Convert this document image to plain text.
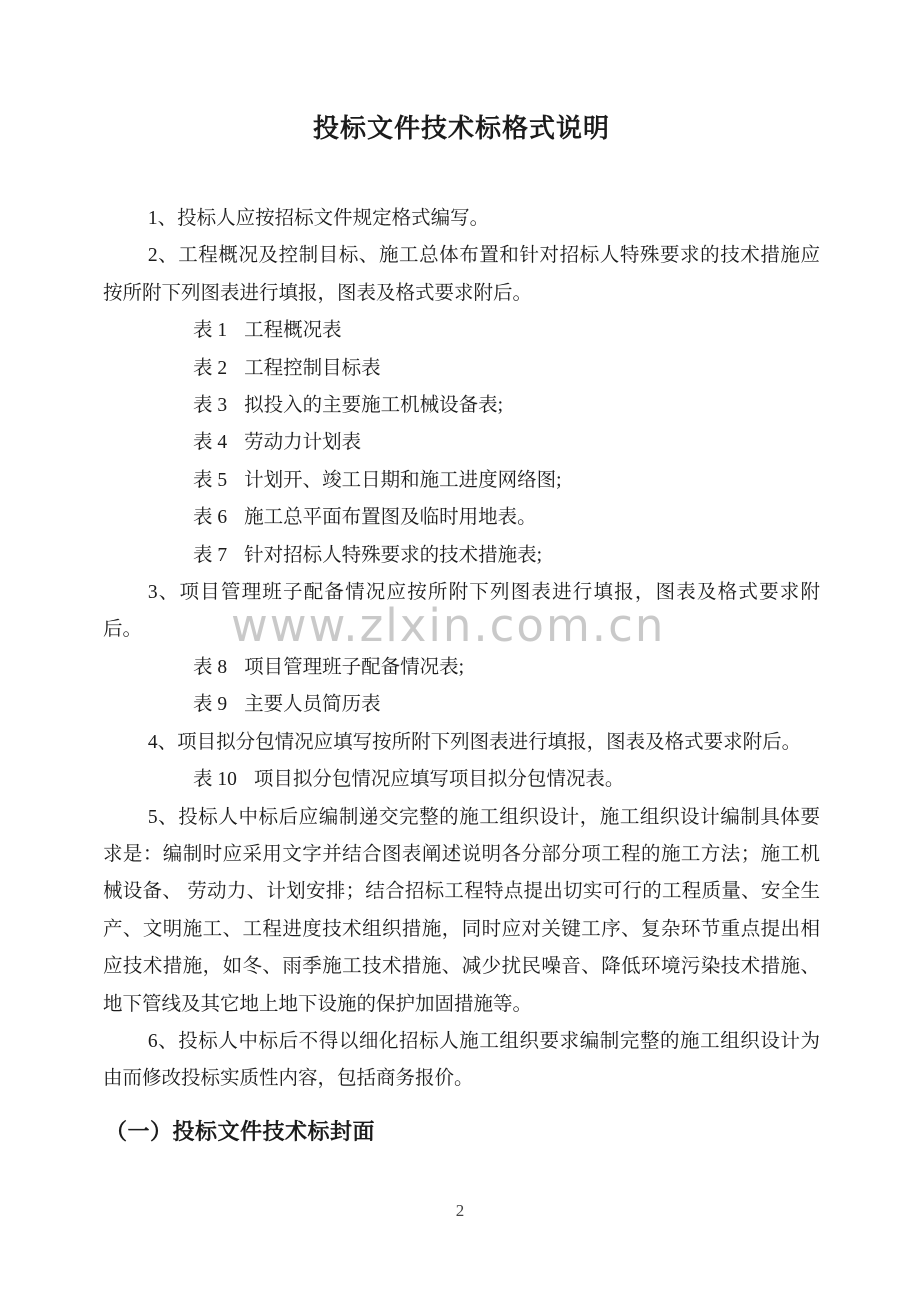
www.zlxin.com.cn
投标文件技术标格式说明

1、投标人应按招标文件规定格式编写。

2、工程概况及控制目标、施工总体布置和针对招标人特殊要求的技术措施应按所附下列图表进行填报，图表及格式要求附后。

表 1 工程概况表
表 2 工程控制目标表
表 3 拟投入的主要施工机械设备表;
表 4 劳动力计划表
表 5 计划开、竣工日期和施工进度网络图;
表 6 施工总平面布置图及临时用地表。
表 7 针对招标人特殊要求的技术措施表;

3、项目管理班子配备情况应按所附下列图表进行填报，图表及格式要求附后。

表 8 项目管理班子配备情况表;
表 9 主要人员简历表

4、项目拟分包情况应填写按所附下列图表进行填报，图表及格式要求附后。

表 10 项目拟分包情况应填写项目拟分包情况表。

5、投标人中标后应编制递交完整的施工组织设计，施工组织设计编制具体要求是：编制时应采用文字并结合图表阐述说明各分部分项工程的施工方法；施工机械设备、 劳动力、计划安排；结合招标工程特点提出切实可行的工程质量、安全生产、文明施工、工程进度技术组织措施，同时应对关键工序、复杂环节重点提出相应技术措施，如冬、雨季施工技术措施、减少扰民噪音、降低环境污染技术措施、地下管线及其它地上地下设施的保护加固措施等。

6、投标人中标后不得以细化招标人施工组织要求编制完整的施工组织设计为由而修改投标实质性内容，包括商务报价。

（一）投标文件技术标封面
2
